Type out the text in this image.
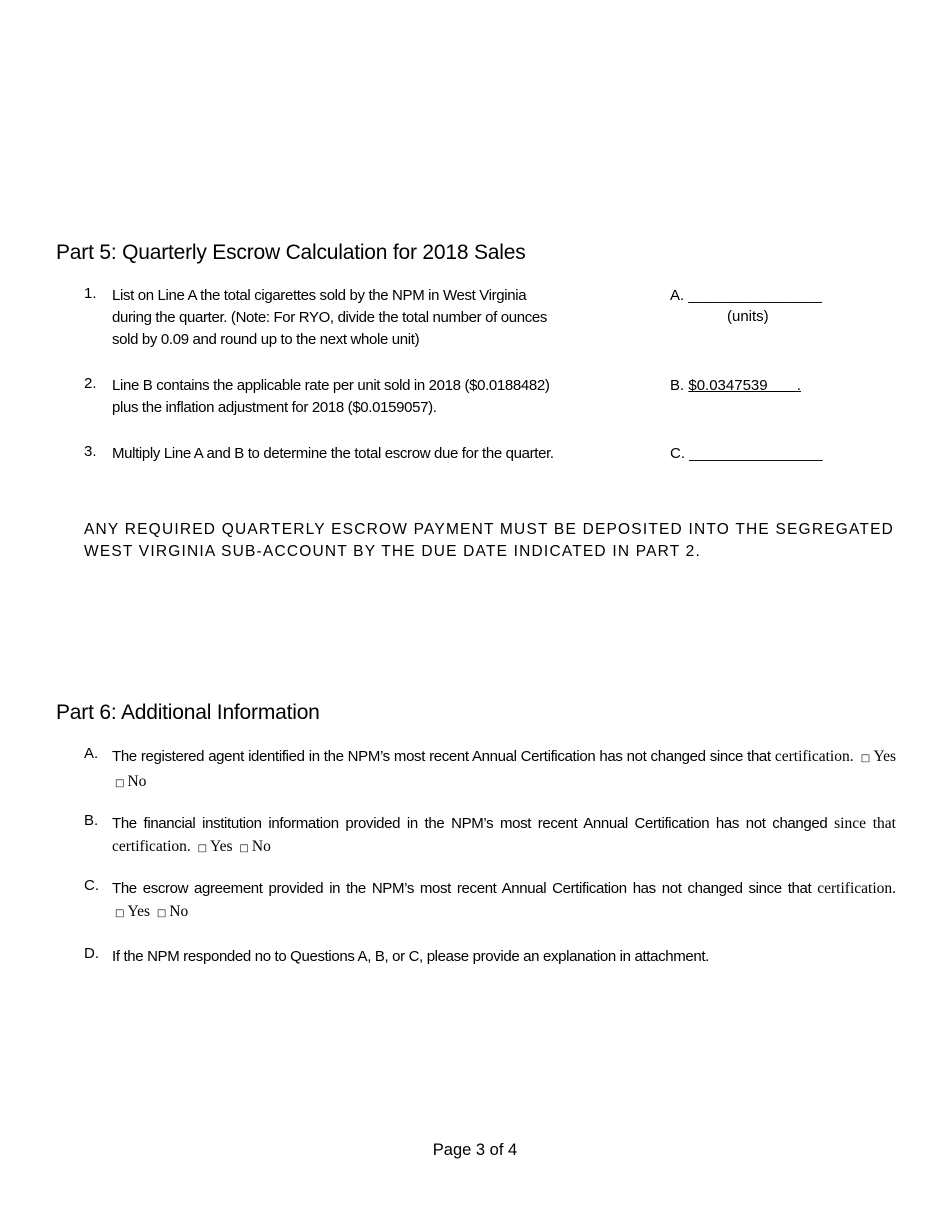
Part 5: Quarterly Escrow Calculation for 2018 Sales
1.	List on Line A the total cigarettes sold by the NPM in West Virginia
during the quarter. (Note: For RYO, divide the total number of ounces
sold by 0.09 and round up to the next whole unit)
A. ________________
(units)
2.	Line B contains the applicable rate per unit sold in 2018 ($0.0188482)
plus the inflation adjustment for 2018 ($0.0159057).
B. $0.0347539       .
3.	Multiply Line A and B to determine the total escrow due for the quarter.	C. ________________
ANY REQUIRED QUARTERLY ESCROW PAYMENT MUST BE DEPOSITED INTO THE SEGREGATED WEST VIRGINIA SUB-ACCOUNT BY THE DUE DATE INDICATED IN PART 2.
Part 6: Additional Information
A. The registered agent identified in the NPM’s most recent Annual Certification has not changed since that certification. □ Yes □ No
B. The financial institution information provided in the NPM’s most recent Annual Certification has not changed since that certification. □ Yes □ No
C. The escrow agreement provided in the NPM’s most recent Annual Certification has not changed since that certification. □ Yes □ No
D. If the NPM responded no to Questions A, B, or C, please provide an explanation in attachment.
Page 3 of 4
